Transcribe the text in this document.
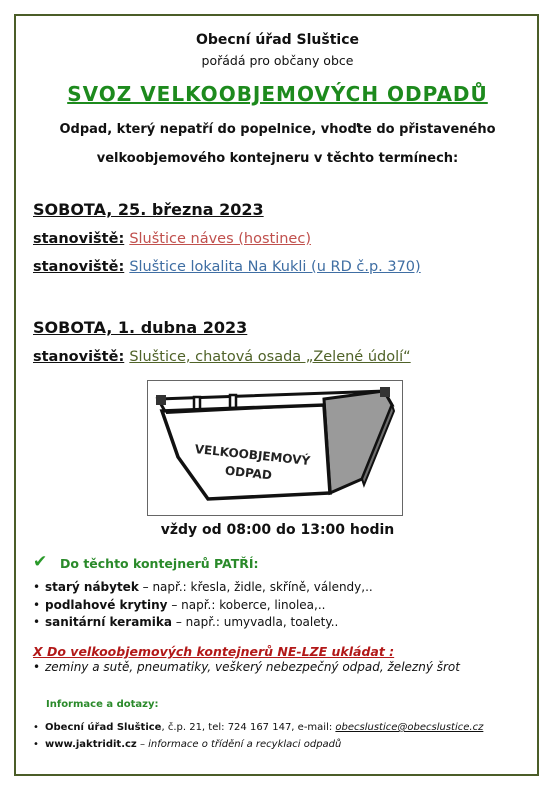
Obecní úřad Sluštice
pořádá pro občany obce
SVOZ VELKOOBJEMOVÝCH ODPADŮ
Odpad, který nepatří do popelnice, vhoďte do přistaveného
velkoobjemového kontejneru v těchto termínech:
SOBOTA, 25. března 2023
stanoviště: Sluštice náves (hostinec)
stanoviště: Sluštice lokalita Na Kukli (u RD č.p. 370)
SOBOTA, 1. dubna 2023
stanoviště: Sluštice, chatová osada „Zelené údolí“
VELKOOBJEMOVÝ
ODPAD
vždy od 08:00 do 13:00 hodin
✔ Do těchto kontejnerů PATŘÍ:
• starý nábytek – např.: křesla, židle, skříně, válendy,..
• podlahové krytiny – např.: koberce, linolea,..
• sanitární keramika – např.: umyvadla, toalety..
X Do velkoobjemových kontejnerů NE-LZE ukládat :
• zeminy a sutě, pneumatiky, veškerý nebezpečný odpad, železný šrot
Informace a dotazy:
• Obecní úřad Sluštice, č.p. 21, tel: 724 167 147, e-mail: obecslustice@obecslustice.cz
• www.jaktridit.cz – informace o třídění a recyklaci odpadů
